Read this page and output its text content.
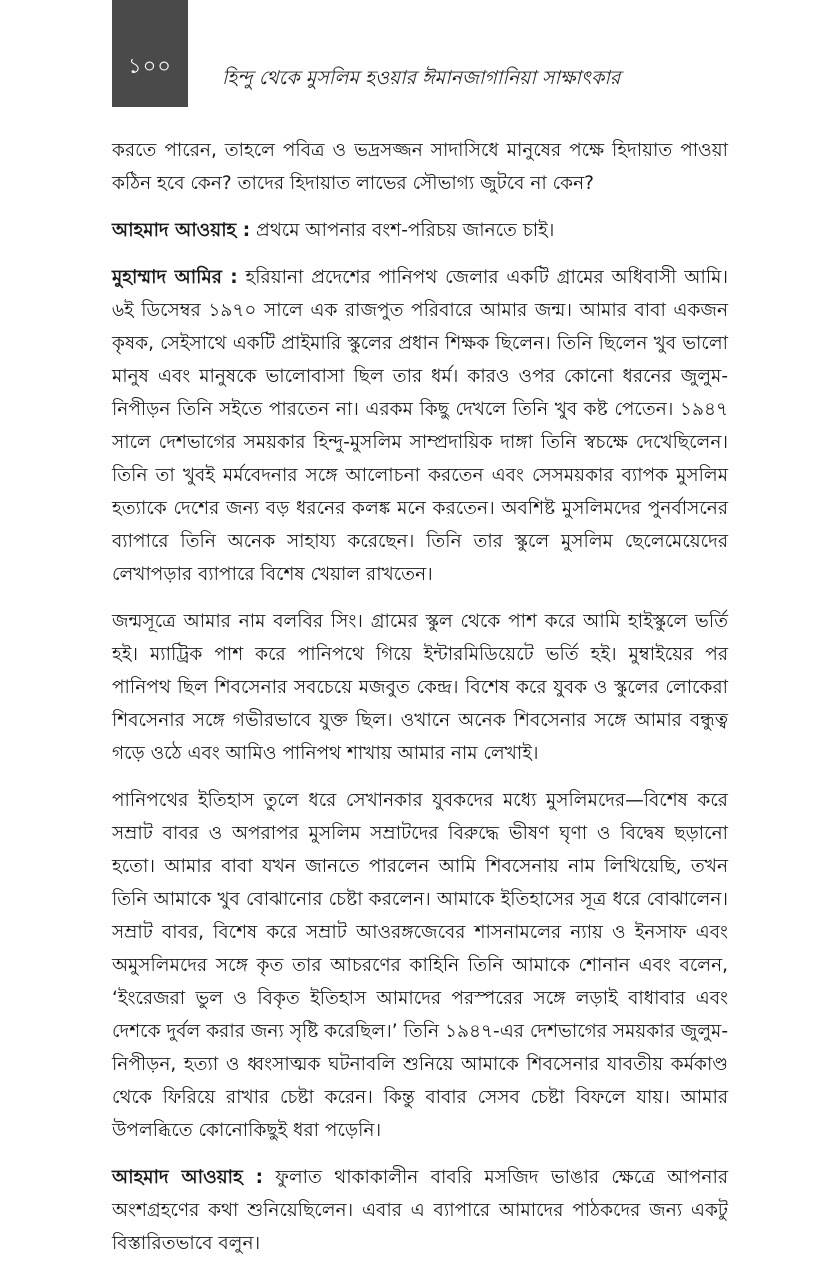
১০০	হিন্দু থেকে মুসলিম হওয়ার ঈমানজাগানিয়া সাক্ষাৎকার

করতে পারেন, তাহলে পবিত্র ও ভদ্রসজ্জন সাদাসিধে মানুষের পক্ষে হিদায়াত পাওয়া কঠিন হবে কেন? তাদের হিদায়াত লাভের সৌভাগ্য জুটবে না কেন?

আহমাদ আওয়াহ : প্রথমে আপনার বংশ-পরিচয় জানতে চাই।

মুহাম্মাদ আমির : হরিয়ানা প্রদেশের পানিপথ জেলার একটি গ্রামের অধিবাসী আমি। ৬ই ডিসেম্বর ১৯৭০ সালে এক রাজপুত পরিবারে আমার জন্ম। আমার বাবা একজন কৃষক, সেইসাথে একটি প্রাইমারি স্কুলের প্রধান শিক্ষক ছিলেন। তিনি ছিলেন খুব ভালো মানুষ এবং মানুষকে ভালোবাসা ছিল তার ধর্ম। কারও ওপর কোনো ধরনের জুলুম-নিপীড়ন তিনি সইতে পারতেন না। এরকম কিছু দেখলে তিনি খুব কষ্ট পেতেন। ১৯৪৭ সালে দেশভাগের সময়কার হিন্দু-মুসলিম সাম্প্রদায়িক দাঙ্গা তিনি স্বচক্ষে দেখেছিলেন। তিনি তা খুবই মর্মবেদনার সঙ্গে আলোচনা করতেন এবং সেসময়কার ব্যাপক মুসলিম হত্যাকে দেশের জন্য বড় ধরনের কলঙ্ক মনে করতেন। অবশিষ্ট মুসলিমদের পুনর্বাসনের ব্যাপারে তিনি অনেক সাহায্য করেছেন। তিনি তার স্কুলে মুসলিম ছেলেমেয়েদের লেখাপড়ার ব্যাপারে বিশেষ খেয়াল রাখতেন।

জন্মসূত্রে আমার নাম বলবির সিং। গ্রামের স্কুল থেকে পাশ করে আমি হাইস্কুলে ভর্তি হই। ম্যাট্রিক পাশ করে পানিপথে গিয়ে ইন্টারমিডিয়েটে ভর্তি হই। মুম্বাইয়ের পর পানিপথ ছিল শিবসেনার সবচেয়ে মজবুত কেন্দ্র। বিশেষ করে যুবক ও স্কুলের লোকেরা শিবসেনার সঙ্গে গভীরভাবে যুক্ত ছিল। ওখানে অনেক শিবসেনার সঙ্গে আমার বন্ধুত্ব গড়ে ওঠে এবং আমিও পানিপথ শাখায় আমার নাম লেখাই।

পানিপথের ইতিহাস তুলে ধরে সেখানকার যুবকদের মধ্যে মুসলিমদের—বিশেষ করে সম্রাট বাবর ও অপরাপর মুসলিম সম্রাটদের বিরুদ্ধে ভীষণ ঘৃণা ও বিদ্বেষ ছড়ানো হতো। আমার বাবা যখন জানতে পারলেন আমি শিবসেনায় নাম লিখিয়েছি, তখন তিনি আমাকে খুব বোঝানোর চেষ্টা করলেন। আমাকে ইতিহাসের সূত্র ধরে বোঝালেন। সম্রাট বাবর, বিশেষ করে সম্রাট আওরঙ্গজেবের শাসনামলের ন্যায় ও ইনসাফ এবং অমুসলিমদের সঙ্গে কৃত তার আচরণের কাহিনি তিনি আমাকে শোনান এবং বলেন, ‘ইংরেজরা ভুল ও বিকৃত ইতিহাস আমাদের পরস্পরের সঙ্গে লড়াই বাধাবার এবং দেশকে দুর্বল করার জন্য সৃষ্টি করেছিল।’ তিনি ১৯৪৭-এর দেশভাগের সময়কার জুলুম-নিপীড়ন, হত্যা ও ধ্বংসাত্মক ঘটনাবলি শুনিয়ে আমাকে শিবসেনার যাবতীয় কর্মকাণ্ড থেকে ফিরিয়ে রাখার চেষ্টা করেন। কিন্তু বাবার সেসব চেষ্টা বিফলে যায়। আমার উপলব্ধিতে কোনোকিছুই ধরা পড়েনি।

আহমাদ আওয়াহ : ফুলাত থাকাকালীন বাবরি মসজিদ ভাঙার ক্ষেত্রে আপনার অংশগ্রহণের কথা শুনিয়েছিলেন। এবার এ ব্যাপারে আমাদের পাঠকদের জন্য একটু বিস্তারিতভাবে বলুন।
